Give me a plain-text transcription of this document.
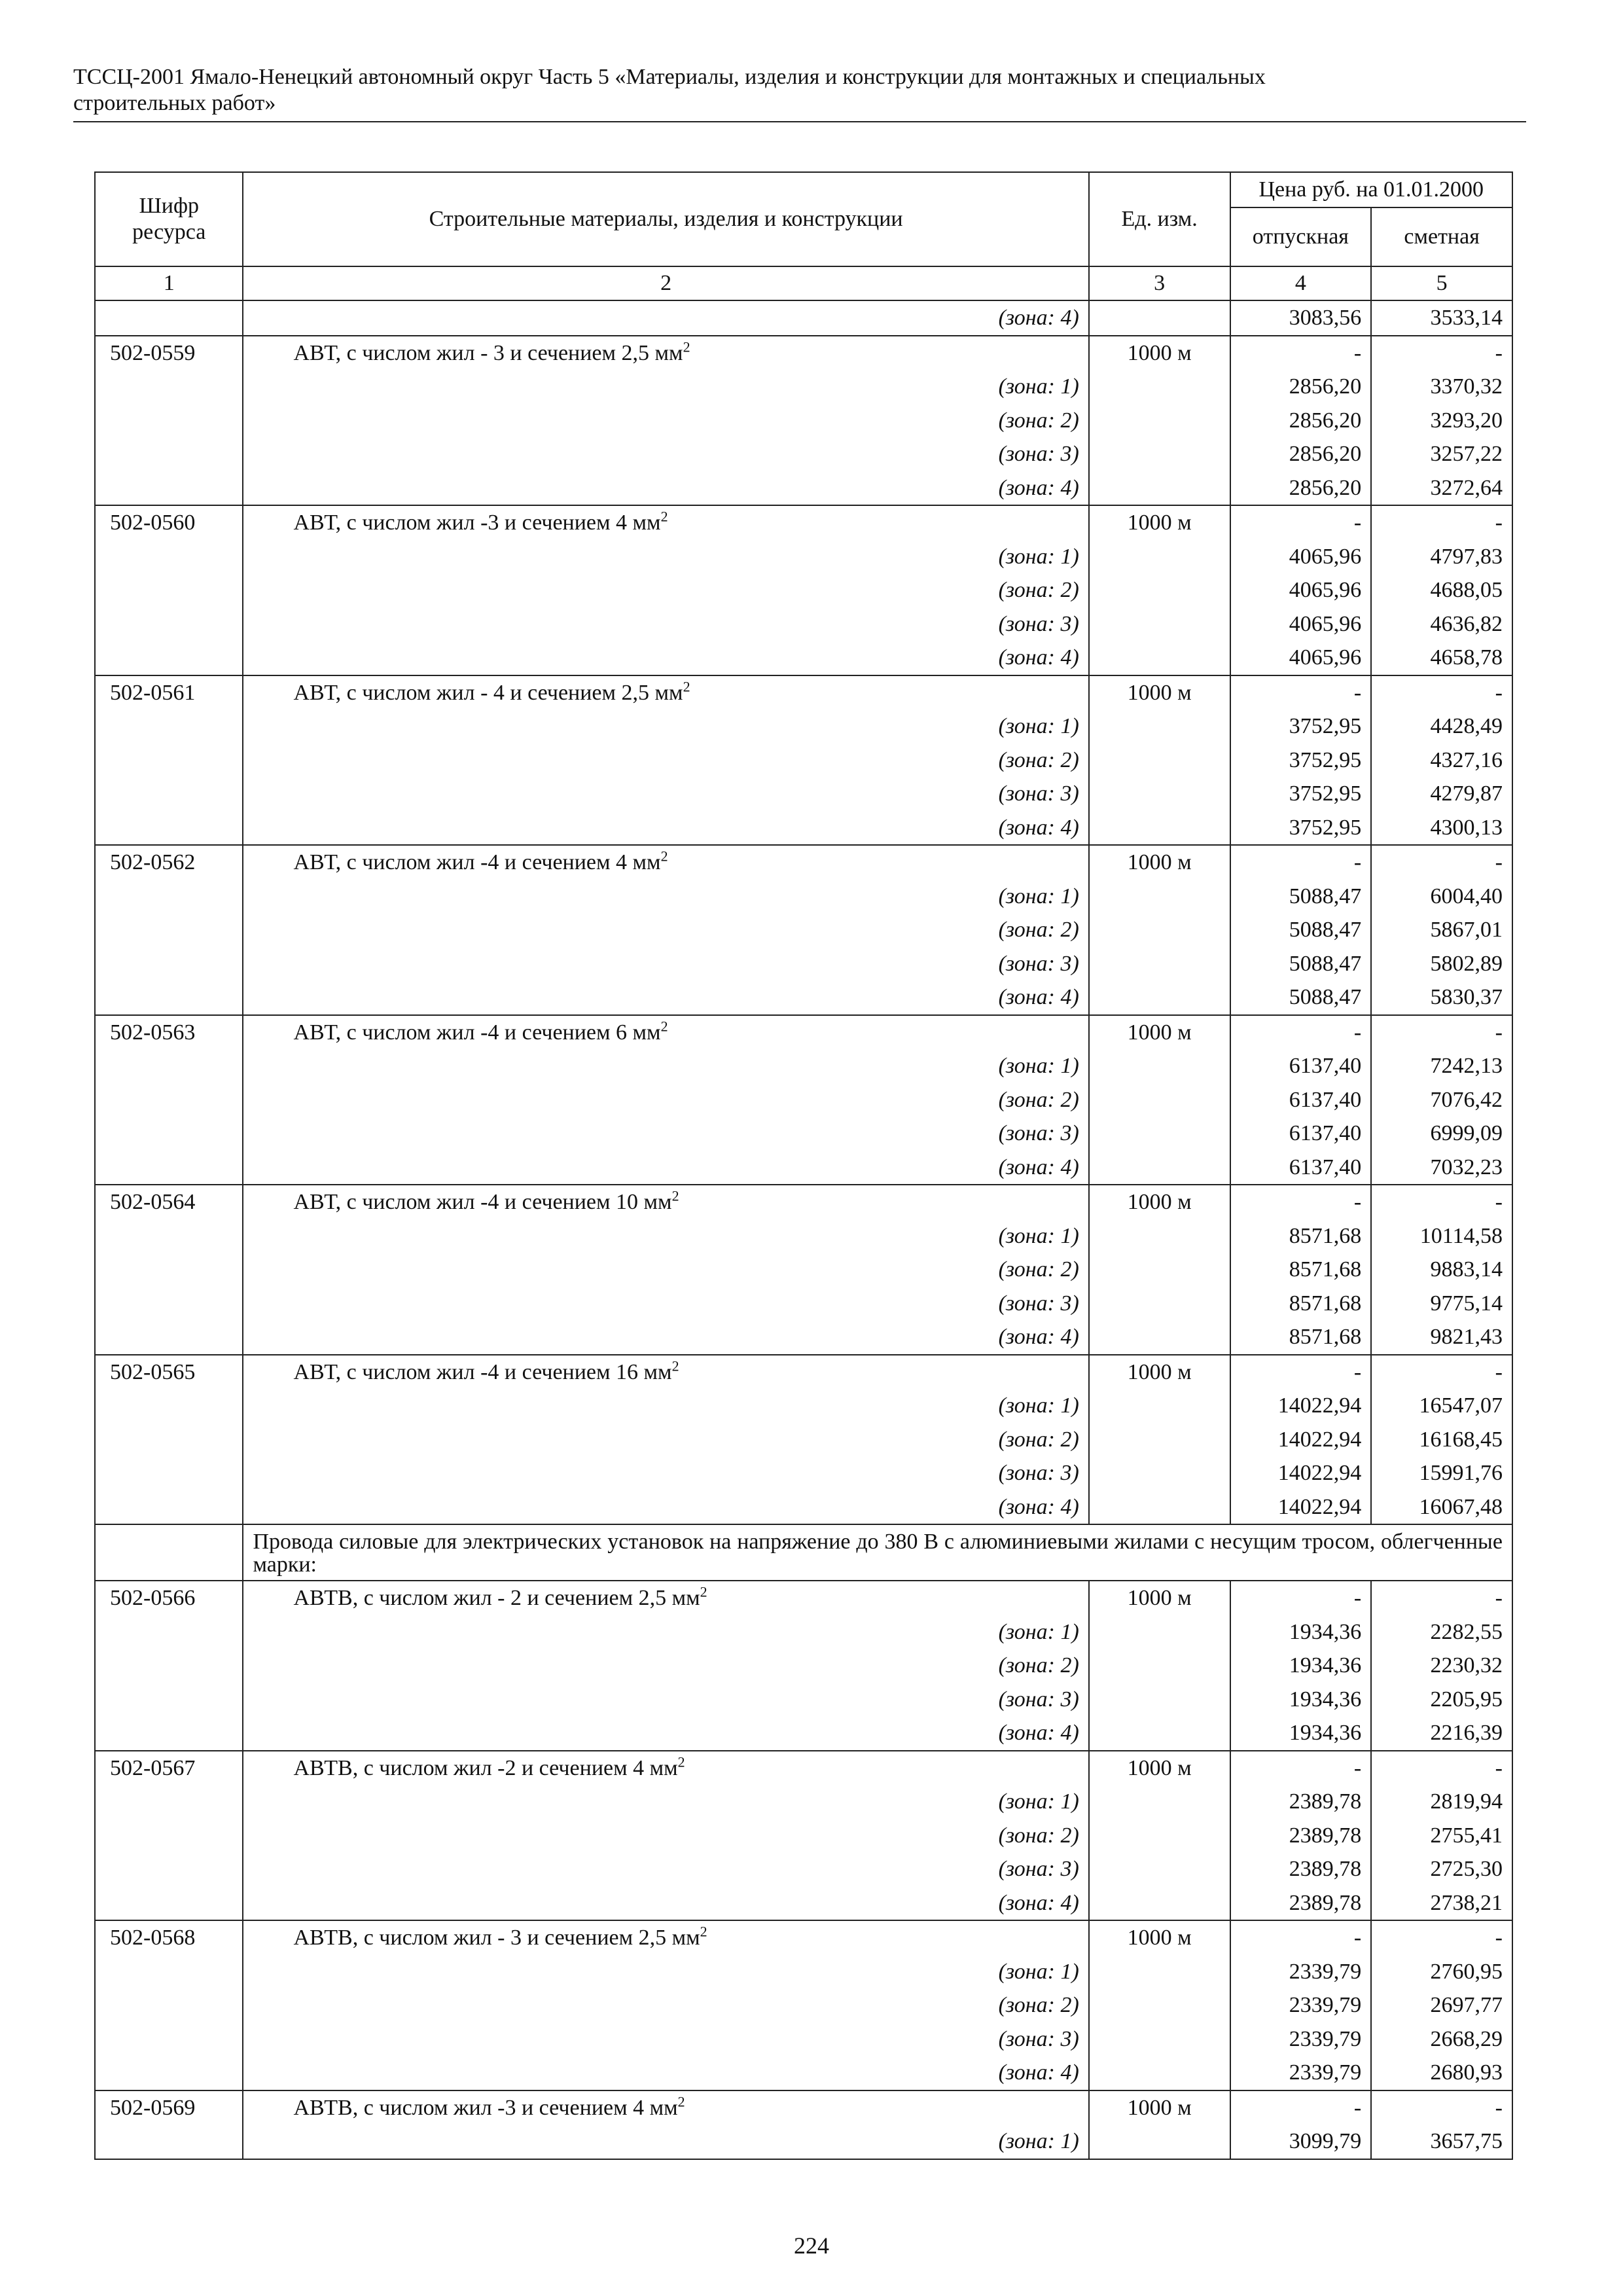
ТССЦ-2001 Ямало-Ненецкий автономный округ Часть 5 «Материалы, изделия и конструкции для монтажных и специальных
строительных работ»
Шифр ресурса	Строительные материалы, изделия и конструкции	Ед. изм.	Цена руб. на 01.01.2000	
			отпускная	сметная
1	2	3	4	5
	(зона: 4)		3083,56	3533,14
502-0559	АВТ, с числом жил - 3 и сечением 2,5 $мм^2$	1000 м	-	-
	(зона: 1)		2856,20	3370,32
	(зона: 2)		2856,20	3293,20
	(зона: 3)		2856,20	3257,22
	(зона: 4)		2856,20	3272,64
502-0560	АВТ, с числом жил -3 и сечением 4 $мм^2$	1000 м	-	-
	(зона: 1)		4065,96	4797,83
	(зона: 2)		4065,96	4688,05
	(зона: 3)		4065,96	4636,82
	(зона: 4)		4065,96	4658,78
502-0561	АВТ, с числом жил - 4 и сечением 2,5 $мм^2$	1000 м	-	-
	(зона: 1)		3752,95	4428,49
	(зона: 2)		3752,95	4327,16
	(зона: 3)		3752,95	4279,87
	(зона: 4)		3752,95	4300,13
502-0562	АВТ, с числом жил -4 и сечением 4 $мм^2$	1000 м	-	-
	(зона: 1)		5088,47	6004,40
	(зона: 2)		5088,47	5867,01
	(зона: 3)		5088,47	5802,89
	(зона: 4)		5088,47	5830,37
502-0563	АВТ, с числом жил -4 и сечением 6 $мм^2$	1000 м	-	-
	(зона: 1)		6137,40	7242,13
	(зона: 2)		6137,40	7076,42
	(зона: 3)		6137,40	6999,09
	(зона: 4)		6137,40	7032,23
502-0564	АВТ, с числом жил -4 и сечением 10 $мм^2$	1000 м	-	-
	(зона: 1)		8571,68	10114,58
	(зона: 2)		8571,68	9883,14
	(зона: 3)		8571,68	9775,14
	(зона: 4)		8571,68	9821,43
502-0565	АВТ, с числом жил -4 и сечением 16 $мм^2$	1000 м	-	-
	(зона: 1)		14022,94	16547,07
	(зона: 2)		14022,94	16168,45
	(зона: 3)		14022,94	15991,76
	(зона: 4)		14022,94	16067,48
	Провода силовые для электрических установок на напряжение до 380 В с алюминиевыми жилами с несущим тросом, облегченные марки:			
502-0566	АВТВ, с числом жил - 2 и сечением 2,5 $мм^2$	1000 м	-	-
	(зона: 1)		1934,36	2282,55
	(зона: 2)		1934,36	2230,32
	(зона: 3)		1934,36	2205,95
	(зона: 4)		1934,36	2216,39
502-0567	АВТВ, с числом жил -2 и сечением 4 $мм^2$	1000 м	-	-
	(зона: 1)		2389,78	2819,94
	(зона: 2)		2389,78	2755,41
	(зона: 3)		2389,78	2725,30
	(зона: 4)		2389,78	2738,21
502-0568	АВТВ, с числом жил - 3 и сечением 2,5 $мм^2$	1000 м	-	-
	(зона: 1)		2339,79	2760,95
	(зона: 2)		2339,79	2697,77
	(зона: 3)		2339,79	2668,29
	(зона: 4)		2339,79	2680,93
502-0569	АВТВ, с числом жил -3 и сечением 4 $мм^2$	1000 м	-	-
	(зона: 1)		3099,79	3657,75
224
